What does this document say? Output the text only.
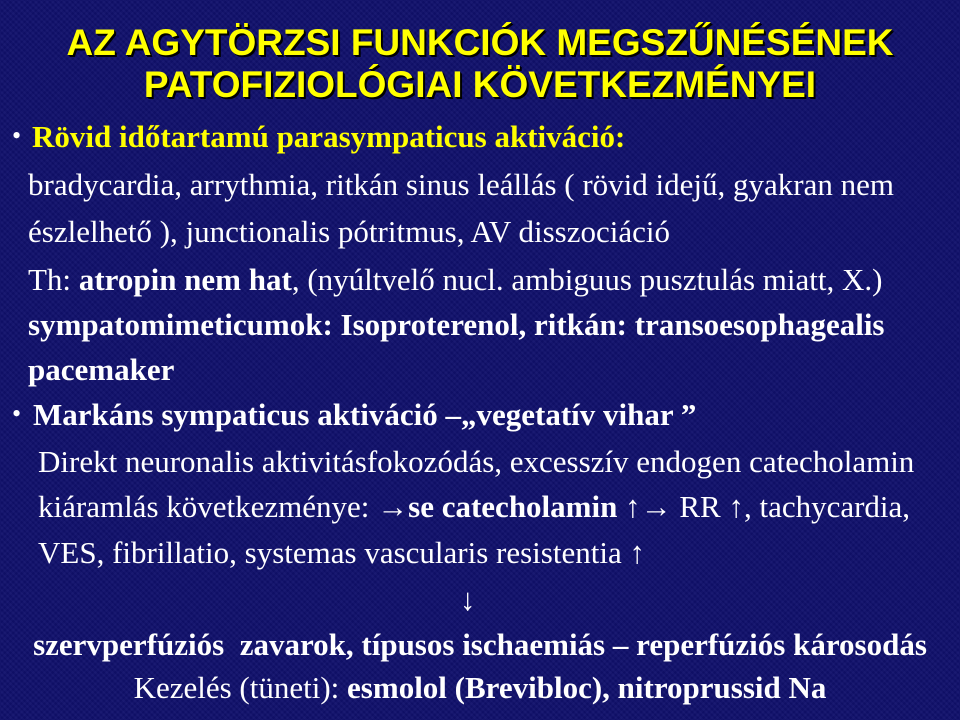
AZ AGYTÖRZSI FUNKCIÓK MEGSZŰNÉSÉNEK
PATOFIZIOLÓGIAI KÖVETKEZMÉNYEI
• Rövid időtartamú parasympaticus aktiváció:
bradycardia, arrythmia, ritkán sinus leállás ( rövid idejű, gyakran nem
észlelhető ), junctionalis pótritmus, AV disszociáció
Th: atropin nem hat, (nyúltvelő nucl. ambiguus pusztulás miatt, X.)
sympatomimeticumok: Isoproterenol, ritkán: transoesophagealis
pacemaker
• Markáns sympaticus aktiváció –„vegetatív vihar ”
Direkt neuronalis aktivitásfokozódás, excesszív endogen catecholamin
kiáramlás következménye: →se catecholamin ↑→ RR ↑, tachycardia,
VES, fibrillatio, systemas vascularis resistentia ↑
↓
szervperfúziós  zavarok, típusos ischaemiás – reperfúziós károsodás
Kezelés (tüneti): esmolol (Brevibloc), nitroprussid Na
